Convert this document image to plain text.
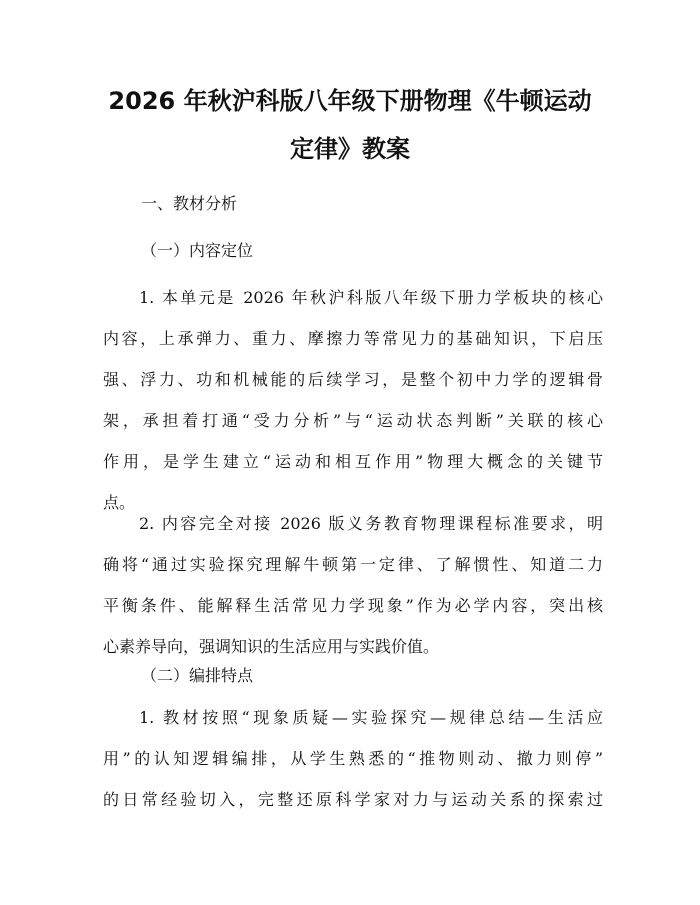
2026 年秋沪科版八年级下册物理《牛顿运动
定律》教案
一、教材分析
（一）内容定位
1. 本单元是 2026 年秋沪科版八年级下册力学板块的核心
内容，上承弹力、重力、摩擦力等常见力的基础知识，下启压
强、浮力、功和机械能的后续学习，是整个初中力学的逻辑骨
架，承担着打通“受力分析”与“运动状态判断”关联的核心
作用，是学生建立“运动和相互作用”物理大概念的关键节
点。
2. 内容完全对接 2026 版义务教育物理课程标准要求，明
确将“通过实验探究理解牛顿第一定律、了解惯性、知道二力
平衡条件、能解释生活常见力学现象”作为必学内容，突出核
心素养导向，强调知识的生活应用与实践价值。
（二）编排特点
1. 教材按照“现象质疑—实验探究—规律总结—生活应
用”的认知逻辑编排，从学生熟悉的“推物则动、撤力则停”
的日常经验切入，完整还原科学家对力与运动关系的探索过
